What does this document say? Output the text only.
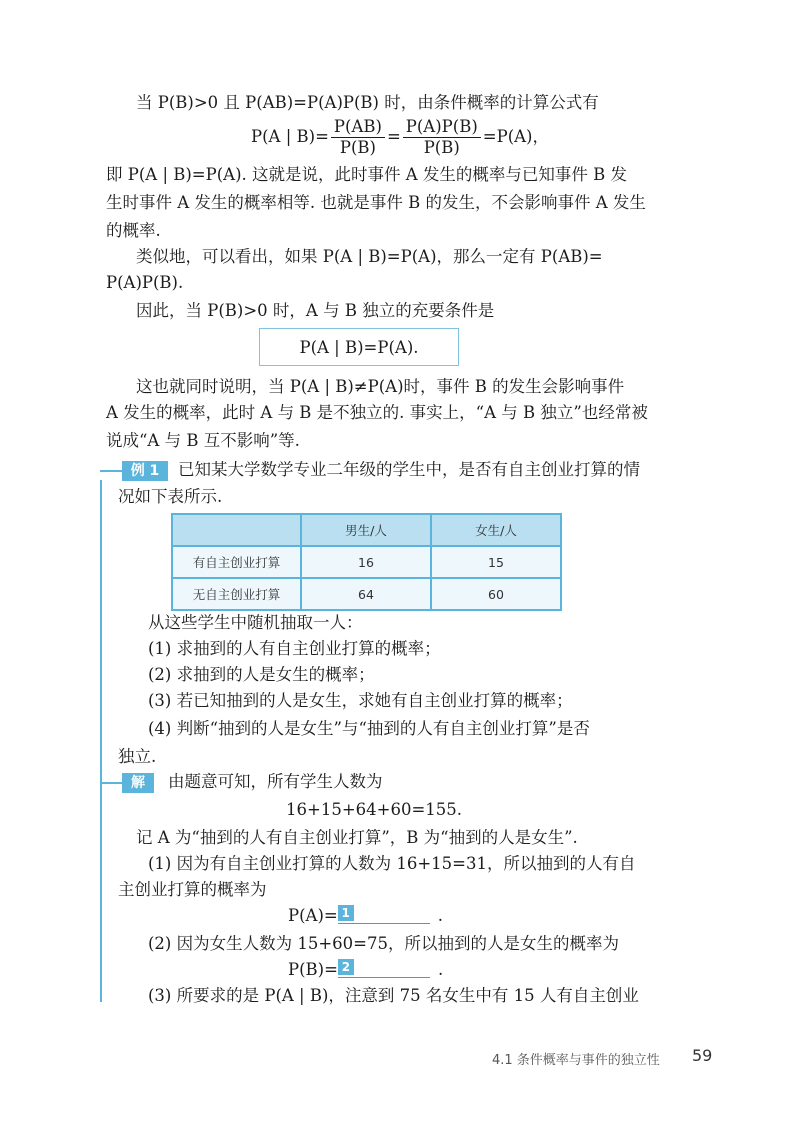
当 P(B)>0 且 P(AB)=P(A)P(B) 时，由条件概率的计算公式有
P(A | $B)= \frac{P(AB)}{P(B)} = \frac{P(A)P(B)}{P(B)} =P(A)$，
即 P(A | B)=P(A). 这就是说，此时事件 A 发生的概率与已知事件 B 发
生时事件 A 发生的概率相等. 也就是事件 B 的发生，不会影响事件 A 发生
的概率.
类似地，可以看出，如果 P(A | B)=P(A)，那么一定有 P(AB)=
P(A)P(B).
因此，当 P(B)>0 时，A 与 B 独立的充要条件是
P(A | B)=P(A).
这也就同时说明，当 P(A | B)≠P(A)时，事件 B 的发生会影响事件
A 发生的概率，此时 A 与 B 是不独立的. 事实上，“A 与 B 独立”也经常被
说成“A 与 B 互不影响”等.
例 1	已知某大学数学专业二年级的学生中，是否有自主创业打算的情
况如下表所示.
	男生/人	女生/人
有自主创业打算	16	15
无自主创业打算	64	60
从这些学生中随机抽取一人：
(1) 求抽到的人有自主创业打算的概率；
(2) 求抽到的人是女生的概率；
(3) 若已知抽到的人是女生，求她有自主创业打算的概率；
(4) 判断“抽到的人是女生”与“抽到的人有自主创业打算”是否
独立.
解	由题意可知，所有学生人数为
16+15+64+60=155.
记 A 为“抽到的人有自主创业打算”，B 为“抽到的人是女生”.
(1) 因为有自主创业打算的人数为 16+15=31，所以抽到的人有自
主创业打算的概率为
P(A)= 1	.
(2) 因为女生人数为 15+60=75，所以抽到的人是女生的概率为
P(B)= 2	.
(3) 所要求的是 P(A | B)，注意到 75 名女生中有 15 人有自主创业
4.1 条件概率与事件的独立性 59
